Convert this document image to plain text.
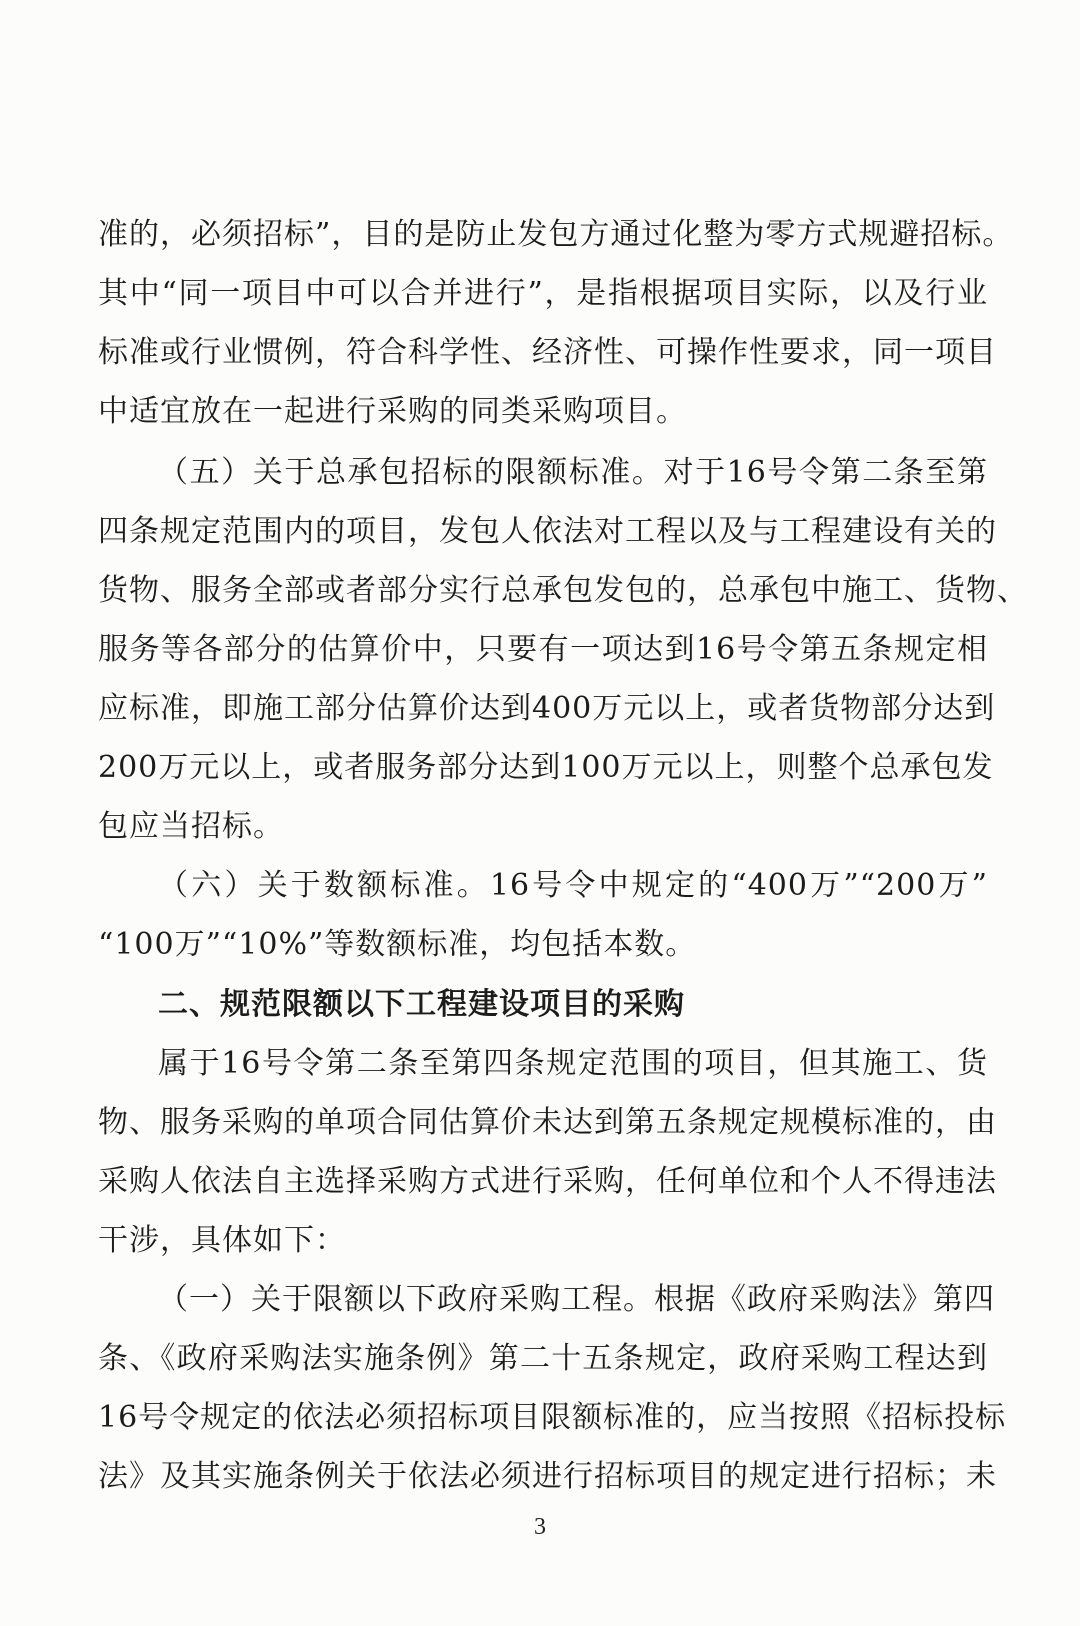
准的，必须招标”，目的是防止发包方通过化整为零方式规避招标。
其中“同一项目中可以合并进行”，是指根据项目实际，以及行业
标准或行业惯例，符合科学性、经济性、可操作性要求，同一项目
中适宜放在一起进行采购的同类采购项目。

（五）关于总承包招标的限额标准。对于16号令第二条至第
四条规定范围内的项目，发包人依法对工程以及与工程建设有关的
货物、服务全部或者部分实行总承包发包的，总承包中施工、货物、
服务等各部分的估算价中，只要有一项达到16号令第五条规定相
应标准，即施工部分估算价达到400万元以上，或者货物部分达到
200万元以上，或者服务部分达到100万元以上，则整个总承包发
包应当招标。

（六）关于数额标准。16号令中规定的“400万”“200万”
“100万”“10%”等数额标准，均包括本数。

二、规范限额以下工程建设项目的采购

属于16号令第二条至第四条规定范围的项目，但其施工、货
物、服务采购的单项合同估算价未达到第五条规定规模标准的，由
采购人依法自主选择采购方式进行采购，任何单位和个人不得违法
干涉，具体如下：

（一）关于限额以下政府采购工程。根据《政府采购法》第四
条、《政府采购法实施条例》第二十五条规定，政府采购工程达到
16号令规定的依法必须招标项目限额标准的，应当按照《招标投标
法》及其实施条例关于依法必须进行招标项目的规定进行招标；未

3
